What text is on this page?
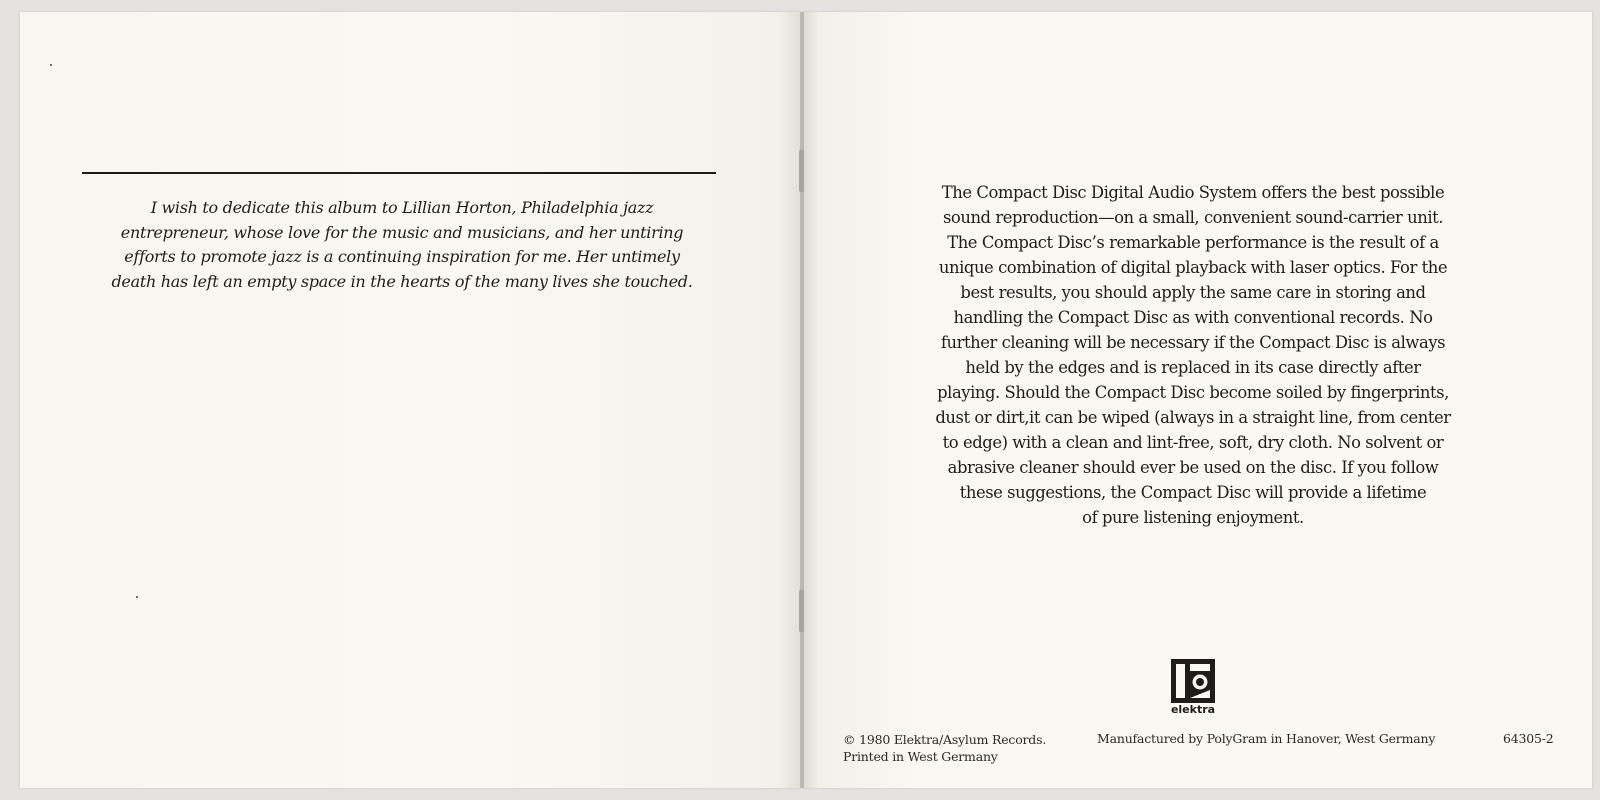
I wish to dedicate this album to Lillian Horton, Philadelphia jazz
entrepreneur, whose love for the music and musicians, and her untiring
efforts to promote jazz is a continuing inspiration for me. Her untimely
death has left an empty space in the hearts of the many lives she touched.
The Compact Disc Digital Audio System offers the best possible
sound reproduction—on a small, convenient sound-carrier unit.
The Compact Disc’s remarkable performance is the result of a
unique combination of digital playback with laser optics. For the
best results, you should apply the same care in storing and
handling the Compact Disc as with conventional records. No
further cleaning will be necessary if the Compact Disc is always
held by the edges and is replaced in its case directly after
playing. Should the Compact Disc become soiled by fingerprints,
dust or dirt,it can be wiped (always in a straight line, from center
to edge) with a clean and lint-free, soft, dry cloth. No solvent or
abrasive cleaner should ever be used on the disc. If you follow
these suggestions, the Compact Disc will provide a lifetime
of pure listening enjoyment.
elektra
© 1980 Elektra/Asylum Records.
Printed in West Germany
Manufactured by PolyGram in Hanover, West Germany	64305-2
